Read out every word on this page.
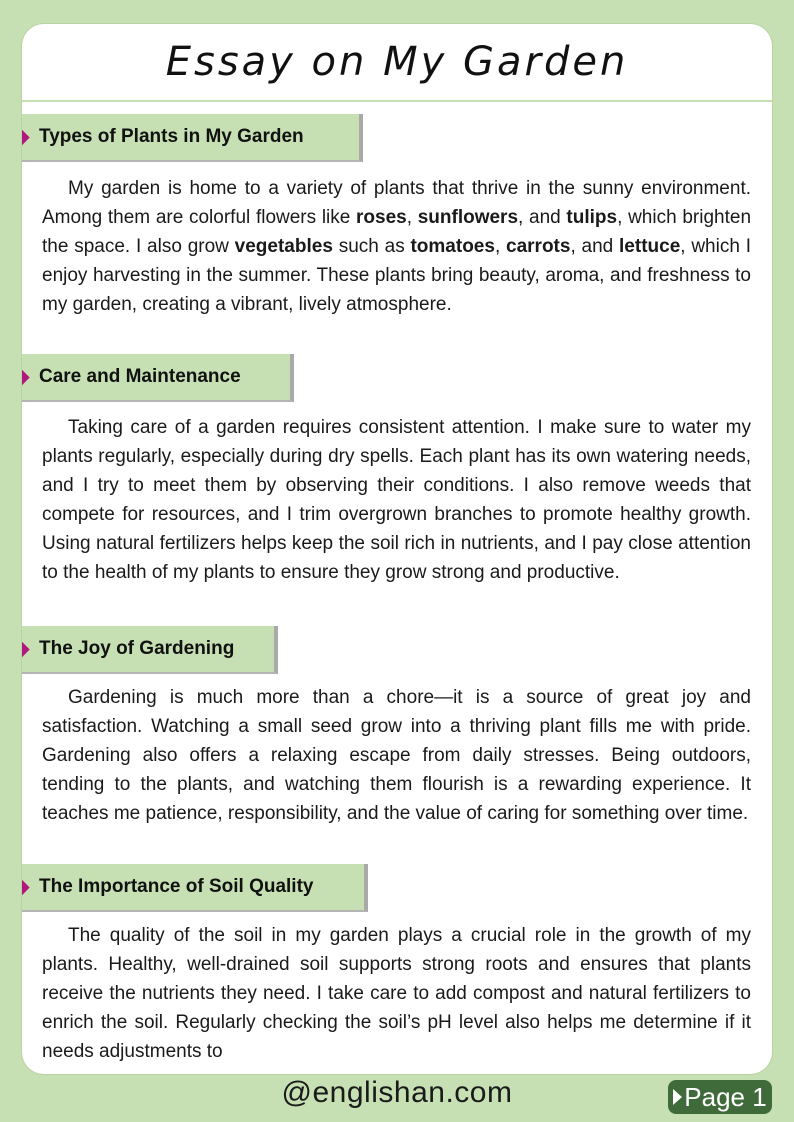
Essay on My Garden
Types of Plants in My Garden

My garden is home to a variety of plants that thrive in the sunny environment. Among them are colorful flowers like roses, sunflowers, and tulips, which brighten the space. I also grow vegetables such as tomatoes, carrots, and lettuce, which I enjoy harvesting in the summer. These plants bring beauty, aroma, and freshness to my garden, creating a vibrant, lively atmosphere.

Care and Maintenance

Taking care of a garden requires consistent attention. I make sure to water my plants regularly, especially during dry spells. Each plant has its own watering needs, and I try to meet them by observing their conditions. I also remove weeds that compete for resources, and I trim overgrown branches to promote healthy growth. Using natural fertilizers helps keep the soil rich in nutrients, and I pay close attention to the health of my plants to ensure they grow strong and productive.

The Joy of Gardening

Gardening is much more than a chore—it is a source of great joy and satisfaction. Watching a small seed grow into a thriving plant fills me with pride. Gardening also offers a relaxing escape from daily stresses. Being outdoors, tending to the plants, and watching them flourish is a rewarding experience. It teaches me patience, responsibility, and the value of caring for something over time.

The Importance of Soil Quality

The quality of the soil in my garden plays a crucial role in the growth of my plants. Healthy, well-drained soil supports strong roots and ensures that plants receive the nutrients they need. I take care to add compost and natural fertilizers to enrich the soil. Regularly checking the soil’s pH level also helps me determine if it needs adjustments to

@englishan.com	Page 1
